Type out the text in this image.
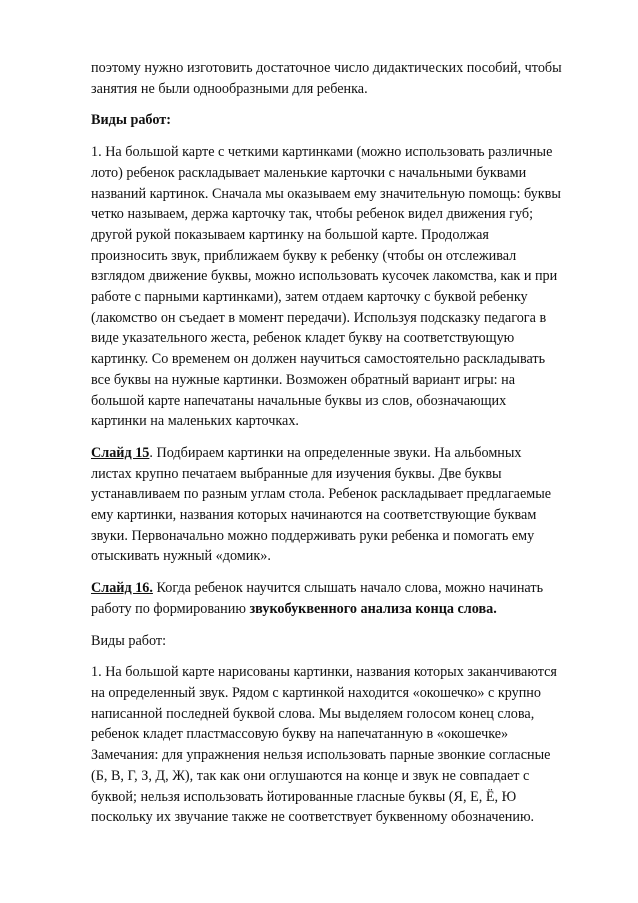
поэтому нужно изготовить достаточное число дидактических пособий, чтобы
занятия не были однообразными для ребенка.
Виды работ:
1. На большой карте с четкими картинками (можно использовать различные
лото) ребенок раскладывает маленькие карточки с начальными буквами
названий картинок. Сначала мы оказываем ему значительную помощь: буквы
четко называем, держа карточку так, чтобы ребенок видел движения губ;
другой рукой показываем картинку на большой карте. Продолжая
произносить звук, приближаем букву к ребенку (чтобы он отслеживал
взглядом движение буквы, можно использовать кусочек лакомства, как и при
работе с парными картинками), затем отдаем карточку с буквой ребенку
(лакомство он съедает в момент передачи). Используя подсказку педагога в
виде указательного жеста, ребенок кладет букву на соответствующую
картинку. Со временем он должен научиться самостоятельно раскладывать
все буквы на нужные картинки. Возможен обратный вариант игры: на
большой карте напечатаны начальные буквы из слов, обозначающих
картинки на маленьких карточках.
Слайд 15. Подбираем картинки на определенные звуки. На альбомных
листах крупно печатаем выбранные для изучения буквы. Две буквы
устанавливаем по разным углам стола. Ребенок раскладывает предлагаемые
ему картинки, названия которых начинаются на соответствующие буквам
звуки. Первоначально можно поддерживать руки ребенка и помогать ему
отыскивать нужный «домик».
Слайд 16. Когда ребенок научится слышать начало слова, можно начинать
работу по формированию звукобуквенного анализа конца слова.
Виды работ:
1. На большой карте нарисованы картинки, названия которых заканчиваются
на определенный звук. Рядом с картинкой находится «окошечко» с крупно
написанной последней буквой слова. Мы выделяем голосом конец слова,
ребенок кладет пластмассовую букву на напечатанную в «окошечке»
Замечания: для упражнения нельзя использовать парные звонкие согласные
(Б, В, Г, З, Д, Ж), так как они оглушаются на конце и звук не совпадает с
буквой; нельзя использовать йотированные гласные буквы (Я, Е, Ё, Ю
поскольку их звучание также не соответствует буквенному обозначению.
